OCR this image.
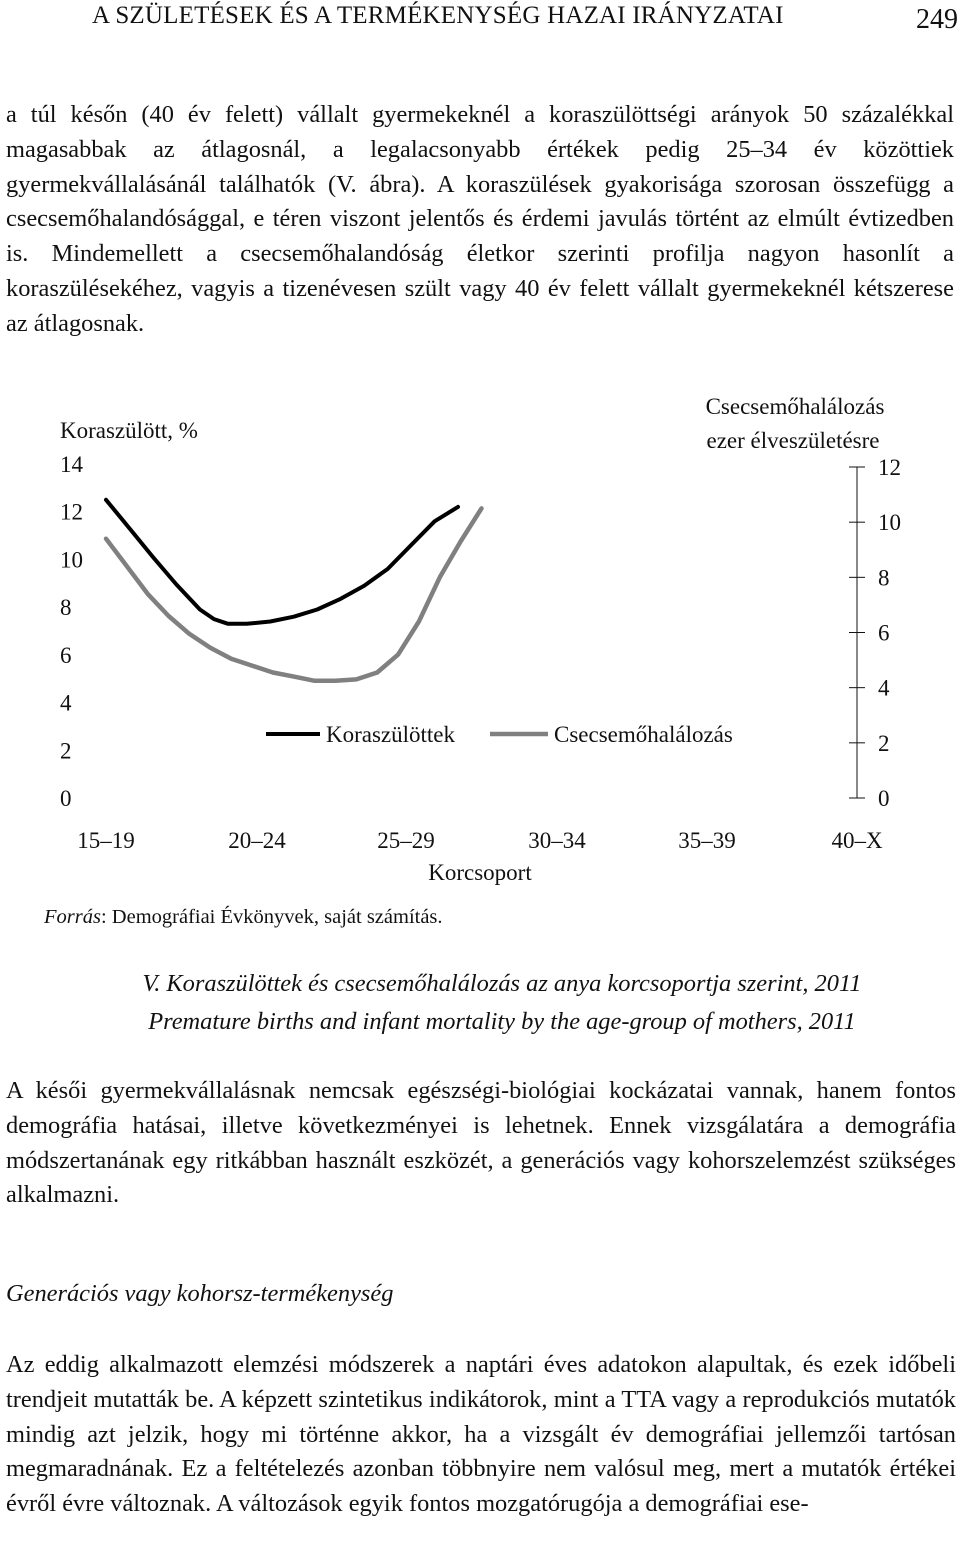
A SZÜLETÉSEK ÉS A TERMÉKENYSÉG HAZAI IRÁNYZATAI	249

a túl későn (40 év felett) vállalt gyermekeknél a koraszülöttségi arányok 50 százalékkal magasabbak az átlagosnál, a legalacsonyabb értékek pedig 25–34 év közöttiek gyermekvállalásánál találhatók (V. ábra). A koraszülések gyakorisága szorosan összefügg a csecsemőhalandósággal, e téren viszont jelentős és érdemi javulás történt az elmúlt évtizedben is. Mindemellett a csecsemőhalandóság életkor szerinti profilja nagyon hasonlít a koraszülésekéhez, vagyis a tizenévesen szült vagy 40 év felett vállalt gyermekeknél kétszerese az átlagosnak.

Koraszülött, %
Csecsemőhalálozás
ezer élveszületésre
0
2
4
6
8
10
12
14
0
2
4
6
8
10
12
Koraszülöttek	Csecsemőhalálozás
15–19	20–24	25–29	30–34	35–39	40–X
Korcsoport
Forrás: Demográfiai Évkönyvek, saját számítás.
V. Koraszülöttek és csecsemőhalálozás az anya korcsoportja szerint, 2011
Premature births and infant mortality by the age-group of mothers, 2011

A késői gyermekvállalásnak nemcsak egészségi-biológiai kockázatai vannak, hanem fontos demográfia hatásai, illetve következményei is lehetnek. Ennek vizsgálatára a demográfia módszertanának egy ritkábban használt eszközét, a generációs vagy kohorszelemzést szükséges alkalmazni.

Generációs vagy kohorsz-termékenység

Az eddig alkalmazott elemzési módszerek a naptári éves adatokon alapultak, és ezek időbeli trendjeit mutatták be. A képzett szintetikus indikátorok, mint a TTA vagy a reprodukciós mutatók mindig azt jelzik, hogy mi történne akkor, ha a vizsgált év demográfiai jellemzői tartósan megmaradnának. Ez a feltételezés azonban többnyire nem valósul meg, mert a mutatók értékei évről évre változnak. A változások egyik fontos mozgatórugója a demográfiai ese-
